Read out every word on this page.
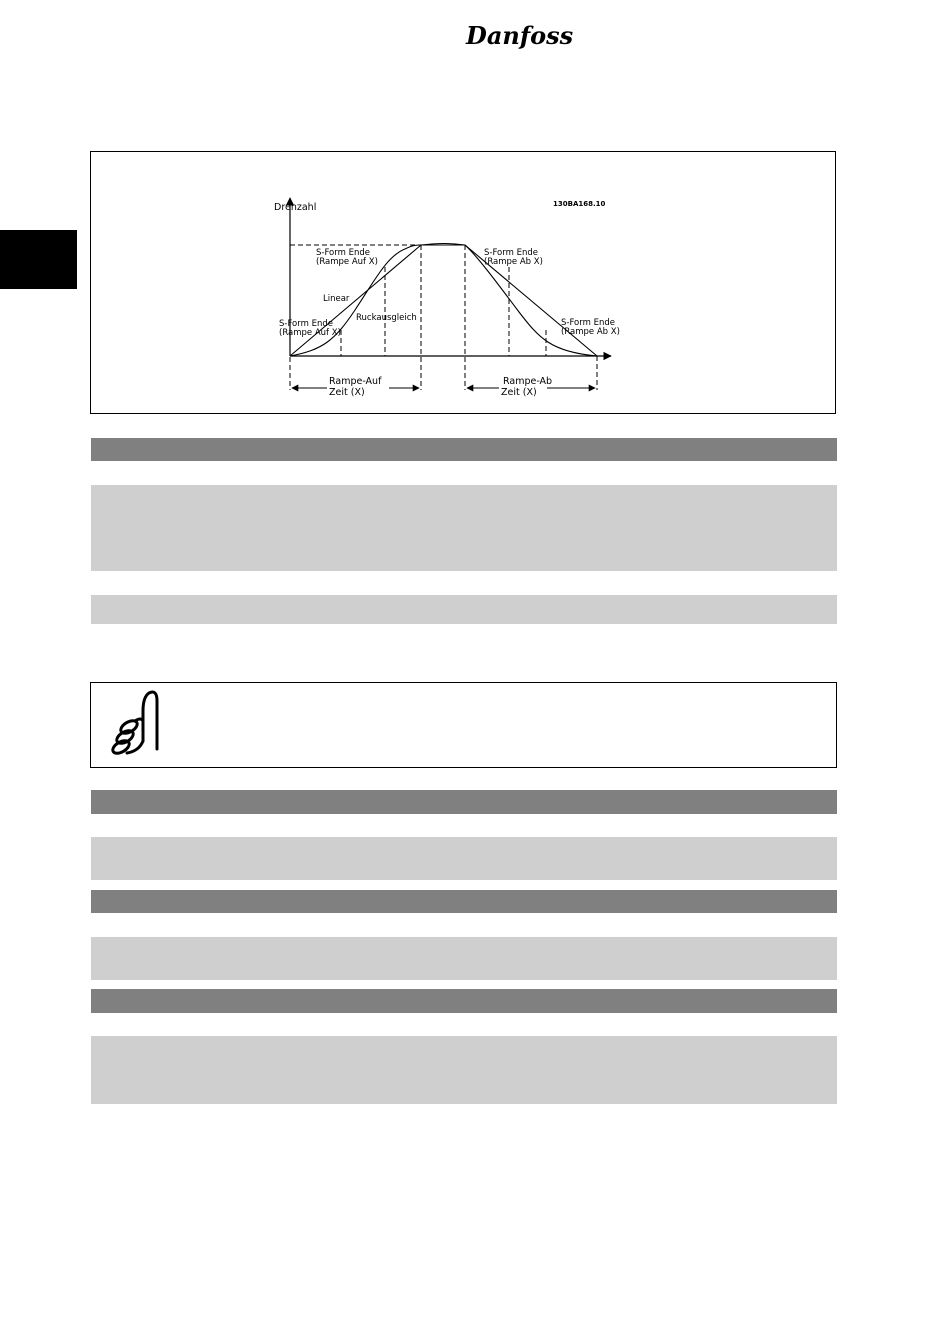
Danfoss
Drehzahl	130BA168.10
S-Form Ende
(Rampe Auf X)
S-Form Ende
(Rampe Ab X)
Linear
Ruckausgleich
S-Form Ende
(Rampe Auf X)
S-Form Ende
(Rampe Ab X)
Rampe-Auf
Zeit (X)
Rampe-Ab
Zeit (X)
